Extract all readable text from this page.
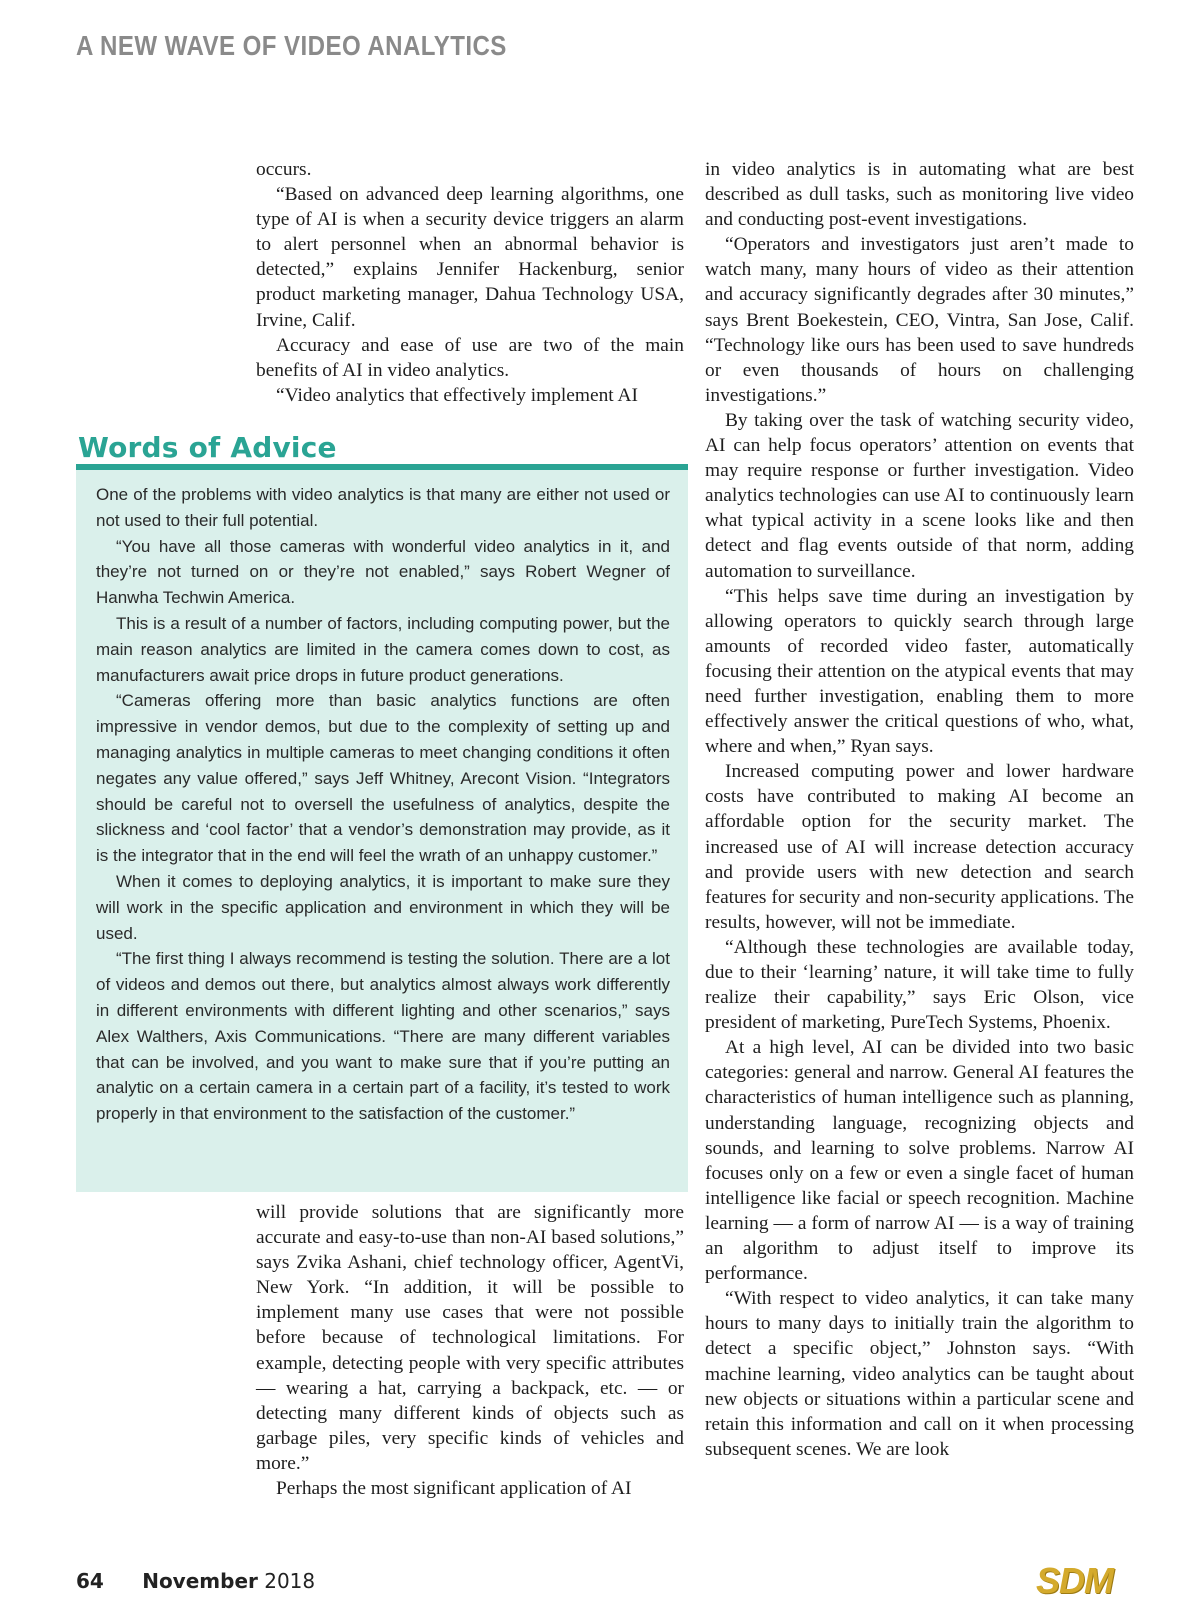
A NEW WAVE OF VIDEO ANALYTICS

occurs.

“Based on advanced deep learning algorithms, one type of AI is when a security device triggers an alarm to alert personnel when an abnormal behavior is detected,” explains Jennifer Hackenburg, senior product marketing manager, Dahua Technology USA, Irvine, Calif.

Accuracy and ease of use are two of the main benefits of AI in video analytics.

“Video analytics that effectively implement AI

Words of Advice

One of the problems with video analytics is that many are either not used or not used to their full potential.

“You have all those cameras with wonderful video analytics in it, and they’re not turned on or they’re not enabled,” says Robert Wegner of Hanwha Techwin America.

This is a result of a number of factors, including computing power, but the main reason analytics are limited in the camera comes down to cost, as manufacturers await price drops in future product generations.

“Cameras offering more than basic analytics functions are often impressive in vendor demos, but due to the complexity of setting up and managing analytics in multiple cameras to meet changing conditions it often negates any value offered,” says Jeff Whitney, Arecont Vision. “Integrators should be careful not to oversell the usefulness of analytics, despite the slickness and ‘cool factor’ that a vendor’s demonstration may provide, as it is the integrator that in the end will feel the wrath of an unhappy customer.”

When it comes to deploying analytics, it is important to make sure they will work in the specific application and environment in which they will be used.

“The first thing I always recommend is testing the solution. There are a lot of videos and demos out there, but analytics almost always work differently in different environments with different lighting and other scenarios,” says Alex Walthers, Axis Communications. “There are many different variables that can be involved, and you want to make sure that if you’re putting an analytic on a certain camera in a certain part of a facility, it’s tested to work properly in that environment to the satisfaction of the customer.”

will provide solutions that are significantly more accurate and easy-to-use than non-AI based solutions,” says Zvika Ashani, chief technology officer, AgentVi, New York. “In addition, it will be possible to implement many use cases that were not possible before because of technological limitations. For example, detecting people with very specific attributes — wearing a hat, carrying a backpack, etc. — or detecting many different kinds of objects such as garbage piles, very specific kinds of vehicles and more.”

Perhaps the most significant application of AI

in video analytics is in automating what are best described as dull tasks, such as monitoring live video and conducting post-event investigations.

“Operators and investigators just aren’t made to watch many, many hours of video as their attention and accuracy significantly degrades after 30 minutes,” says Brent Boekestein, CEO, Vintra, San Jose, Calif. “Technology like ours has been used to save hundreds or even thousands of hours on challenging investigations.”

By taking over the task of watching security video, AI can help focus operators’ attention on events that may require response or further investigation. Video analytics technologies can use AI to continuously learn what typical activity in a scene looks like and then detect and flag events outside of that norm, adding automation to surveillance.

“This helps save time during an investigation by allowing operators to quickly search through large amounts of recorded video faster, automatically focusing their attention on the atypical events that may need further investigation, enabling them to more effectively answer the critical questions of who, what, where and when,” Ryan says.

Increased computing power and lower hardware costs have contributed to making AI become an affordable option for the security market. The increased use of AI will increase detection accuracy and provide users with new detection and search features for security and non-security applications. The results, however, will not be immediate.

“Although these technologies are available today, due to their ‘learning’ nature, it will take time to fully realize their capability,” says Eric Olson, vice president of marketing, PureTech Systems, Phoenix.

At a high level, AI can be divided into two basic categories: general and narrow. General AI features the characteristics of human intelligence such as planning, understanding language, recognizing objects and sounds, and learning to solve problems. Narrow AI focuses only on a few or even a single facet of human intelligence like facial or speech recognition. Machine learning — a form of narrow AI — is a way of training an algorithm to adjust itself to improve its performance.

“With respect to video analytics, it can take many hours to many days to initially train the algorithm to detect a specific object,” Johnston says. “With machine learning, video analytics can be taught about new objects or situations within a particular scene and retain this information and call on it when processing subsequent scenes. We are look

64 November 2018	SDM
